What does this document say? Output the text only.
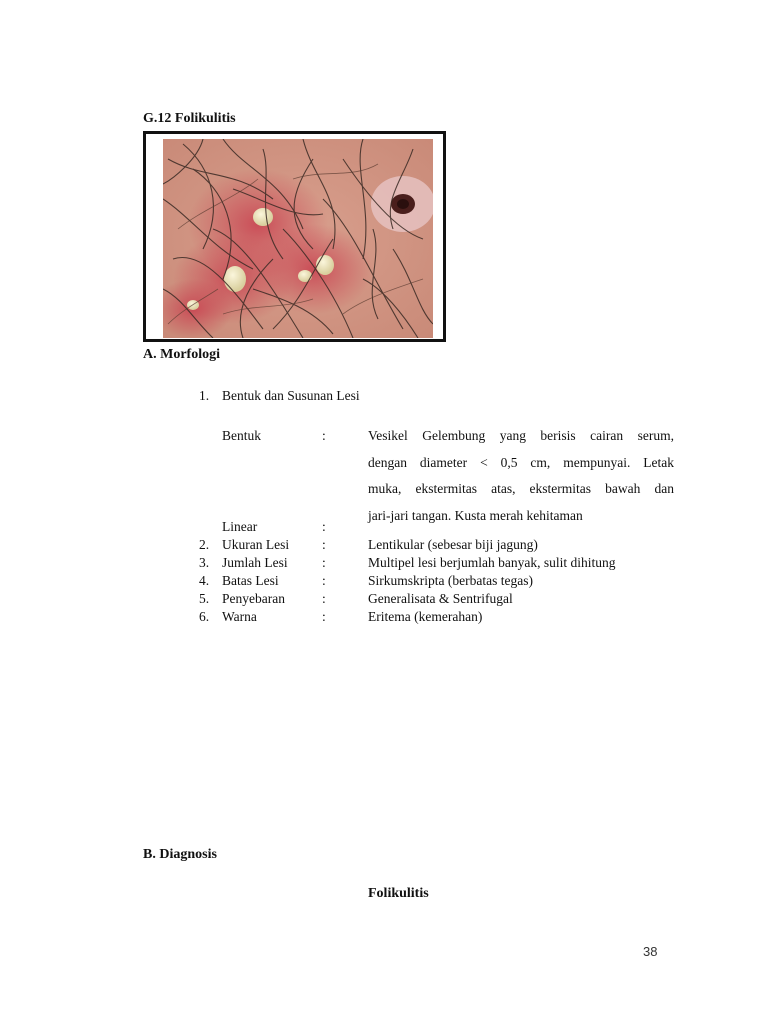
G.12 Folikulitis
A. Morfologi
1. Bentuk dan Susunan Lesi
Bentuk	:	Vesikel Gelembung yang berisis cairan serum,
dengan diameter < 0,5 cm, mempunyai. Letak
muka, ekstermitas atas, ekstermitas bawah dan
jari-jari tangan. Kusta merah kehitaman
Linear	:
2. Ukuran Lesi :	Lentikular (sebesar biji jagung)
3. Jumlah Lesi	:	Multipel lesi berjumlah banyak, sulit dihitung
4. Batas Lesi	:	Sirkumskripta (berbatas tegas)
5. Penyebaran	:	Generalisata & Sentrifugal
6. Warna	:	Eritema (kemerahan)
B. Diagnosis
Folikulitis
38
